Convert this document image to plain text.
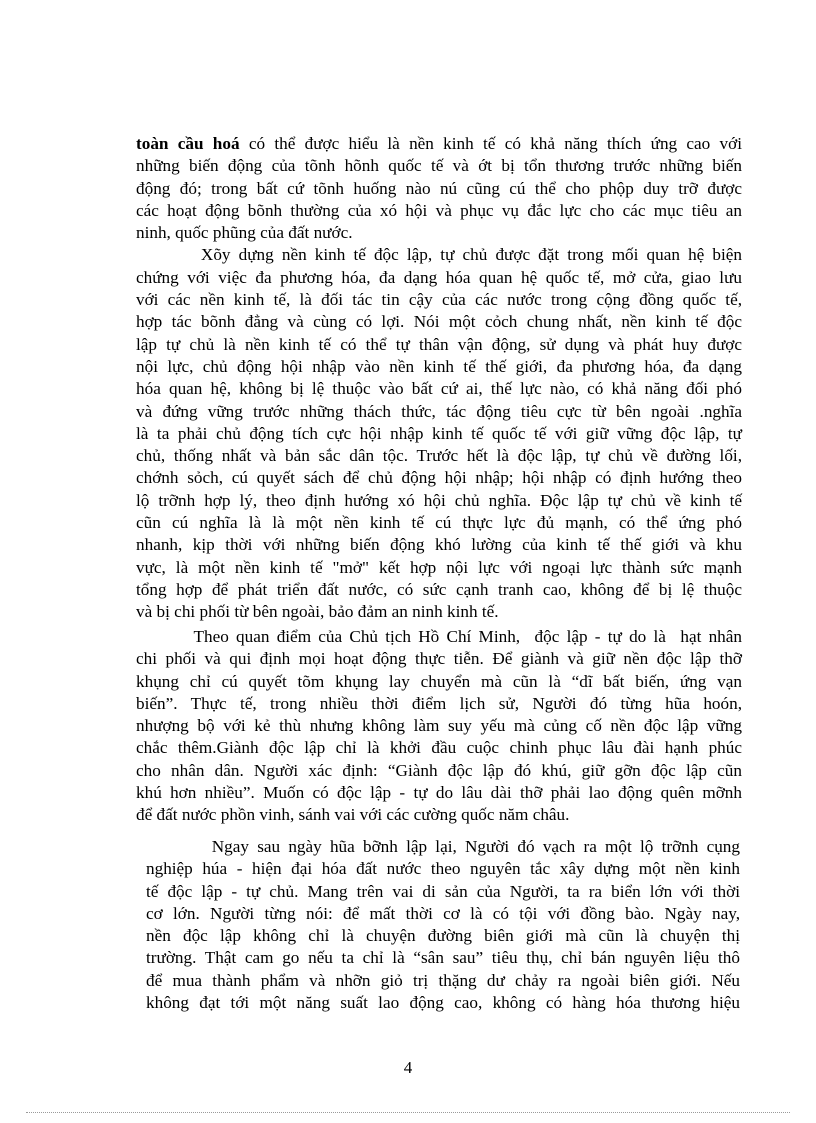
toàn cầu hoá có thể được hiểu là nền kinh tế có khả năng thích ứng cao với
những biến động của tõnh hõnh quốc tế và ớt bị tổn thương trước những biến
động đó; trong bất cứ tõnh huống nào nú cũng cú thể cho phộp duy trỡ được
các hoạt động bõnh thường của xó hội và phục vụ đắc lực cho các mục tiêu an
ninh, quốc phũng của đất nước.
Xõy dựng nền kinh tế độc lập, tự chủ được đặt trong mối quan hệ biện
chứng với việc đa phương hóa, đa dạng hóa quan hệ quốc tế, mở cửa, giao lưu
với các nền kinh tế, là đối tác tin cậy của các nước trong cộng đồng quốc tế,
hợp tác bõnh đẳng và cùng có lợi. Nói một cỏch chung nhất, nền kinh tế độc
lập tự chủ là nền kinh tế có thể tự thân vận động, sử dụng và phát huy được
nội lực, chủ động hội nhập vào nền kinh tế thế giới, đa phương hóa, đa dạng
hóa quan hệ, không bị lệ thuộc vào bất cứ ai, thế lực nào, có khả năng đối phó
và đứng vững trước những thách thức, tác động tiêu cực từ bên ngoài .nghĩa
là ta phải chủ động tích cực hội nhập kinh tế quốc tế với giữ vững độc lập, tự
chủ, thống nhất và bản sắc dân tộc. Trước hết là độc lập, tự chủ về đường lối,
chớnh sỏch, cú quyết sách để chủ động hội nhập; hội nhập có định hướng theo
lộ trỡnh hợp lý, theo định hướng xó hội chủ nghĩa. Độc lập tự chủ về kinh tế
cũn cú nghĩa là là một nền kinh tế cú thực lực đủ mạnh, có thể ứng phó
nhanh, kịp thời với những biến động khó lường của kinh tế thế giới và khu
vực, là một nền kinh tế "mở" kết hợp nội lực với ngoại lực thành sức mạnh
tổng hợp để phát triển đất nước, có sức cạnh tranh cao, không để bị lệ thuộc
và bị chi phối từ bên ngoài, bảo đảm an ninh kinh tế.
Theo quan điểm của Chủ tịch Hồ Chí Minh,  độc lập - tự do là  hạt nhân
chi phối và qui định mọi hoạt động thực tiễn. Để giành và giữ nền độc lập thỡ
khụng chỉ cú quyết tõm khụng lay chuyển mà cũn là “dĩ bất biến, ứng vạn
biến”. Thực tế, trong nhiều thời điểm lịch sử, Người đó từng hũa hoón,
nhượng bộ với kẻ thù nhưng không làm suy yếu mà củng cố nền độc lập vững
chắc thêm.Giành độc lập chỉ là khởi đầu cuộc chinh phục lâu đài hạnh phúc
cho nhân dân. Người xác định: “Giành độc lập đó khú, giữ gỡn độc lập cũn
khú hơn nhiều”. Muốn có độc lập - tự do lâu dài thỡ phải lao động quên mỡnh
để đất nước phồn vinh, sánh vai với các cường quốc năm châu.
Ngay sau ngày hũa bỡnh lập lại, Người đó vạch ra một lộ trỡnh cụng
nghiệp húa - hiện đại hóa đất nước theo nguyên tắc xây dựng một nền kinh
tế độc lập - tự chủ. Mang trên vai di sản của Người, ta ra biển lớn với thời
cơ lớn. Người từng nói: để mất thời cơ là có tội với đồng bào. Ngày nay,
nền độc lập không chỉ là chuyện đường biên giới mà cũn là chuyện thị
trường. Thật cam go nếu ta chỉ là “sân sau” tiêu thụ, chỉ bán nguyên liệu thô
để mua thành phẩm và nhỡn giỏ trị thặng dư chảy ra ngoài biên giới. Nếu
không đạt tới một năng suất lao động cao, không có hàng hóa thương hiệu
4
